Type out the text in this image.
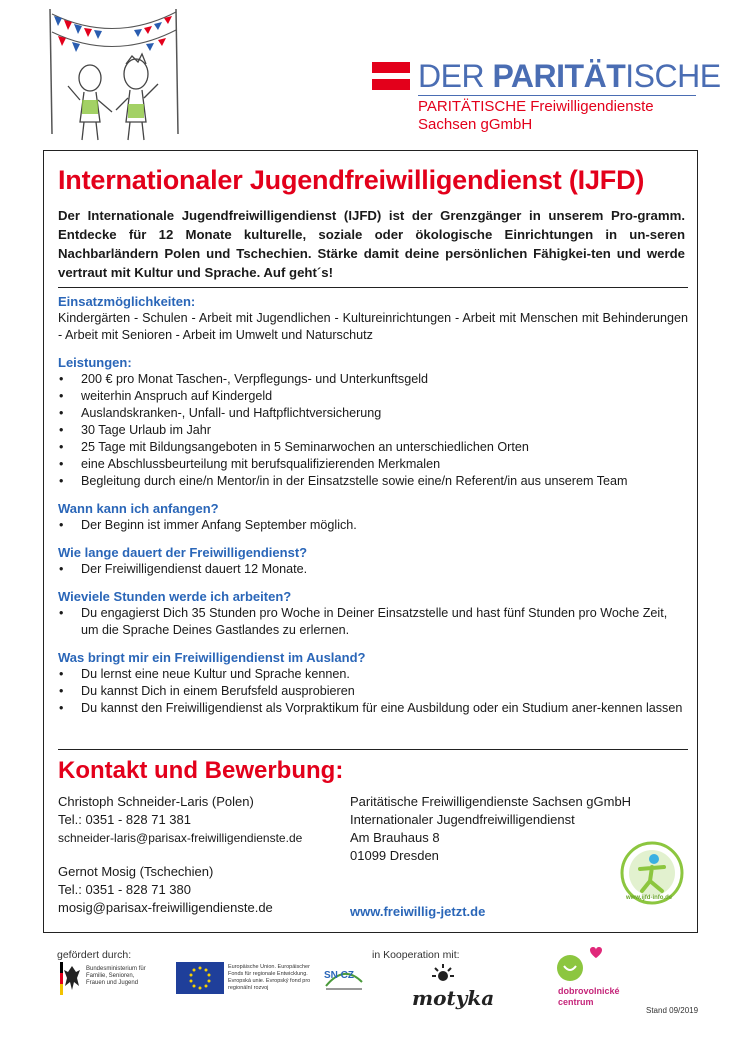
DER PARITÄTISCHE
PARITÄTISCHE Freiwilligendienste
Sachsen gGmbH
Internationaler Jugendfreiwilligendienst (IJFD)
Der Internationale Jugendfreiwilligendienst (IJFD) ist der Grenzgänger in unserem Pro-gramm. Entdecke für 12 Monate kulturelle, soziale oder ökologische Einrichtungen in un-seren Nachbarländern Polen und Tschechien. Stärke damit deine persönlichen Fähigkei-ten und werde vertraut mit Kultur und Sprache. Auf geht´s!

Einsatzmöglichkeiten:

Kindergärten - Schulen - Arbeit mit Jugendlichen - Kultureinrichtungen - Arbeit mit Menschen mit Behinderungen - Arbeit mit Senioren - Arbeit im Umwelt und Naturschutz

Leistungen:

• 200 € pro Monat Taschen-, Verpflegungs- und Unterkunftsgeld
• weiterhin Anspruch auf Kindergeld
• Auslandskranken-, Unfall- und Haftpflichtversicherung
• 30 Tage Urlaub im Jahr
• 25 Tage mit Bildungsangeboten in 5 Seminarwochen an unterschiedlichen Orten
• eine Abschlussbeurteilung mit berufsqualifizierenden Merkmalen
• Begleitung durch eine/n Mentor/in in der Einsatzstelle sowie eine/n Referent/in aus unserem Team

Wann kann ich anfangen?

• Der Beginn ist immer Anfang September möglich.

Wie lange dauert der Freiwilligendienst?

• Der Freiwilligendienst dauert 12 Monate.

Wieviele Stunden werde ich arbeiten?

• Du engagierst Dich 35 Stunden pro Woche in Deiner Einsatzstelle und hast fünf Stunden pro Woche Zeit, um die Sprache Deines Gastlandes zu erlernen.

Was bringt mir ein Freiwilligendienst im Ausland?

• Du lernst eine neue Kultur und Sprache kennen.
• Du kannst Dich in einem Berufsfeld ausprobieren
• Du kannst den Freiwilligendienst als Vorpraktikum für eine Ausbildung oder ein Studium aner-kennen lassen
Kontakt und Bewerbung:
Christoph Schneider-Laris (Polen)
Tel.: 0351 - 828 71 381
schneider-laris@parisax-freiwilligendienste.de
Gernot Mosig (Tschechien)
Tel.: 0351 - 828 71 380
mosig@parisax-freiwilligendienste.de
Paritätische Freiwilligendienste Sachsen gGmbH
Internationaler Jugendfreiwilligendienst
Am Brauhaus 8
01099 Dresden
www.freiwillig-jetzt.de
www.ijfd-info.de
gefördert durch:	in Kooperation mit:
Bundesministerium für Familie, Senioren, Frauen und Jugend
Europäische Union. Europäischer Fonds für regionale Entwicklung. Evropská unie. Evropský fond pro regionální rozvoj
SN CZ
motyka	dobrovolnické
centrum
Stand 09/2019
